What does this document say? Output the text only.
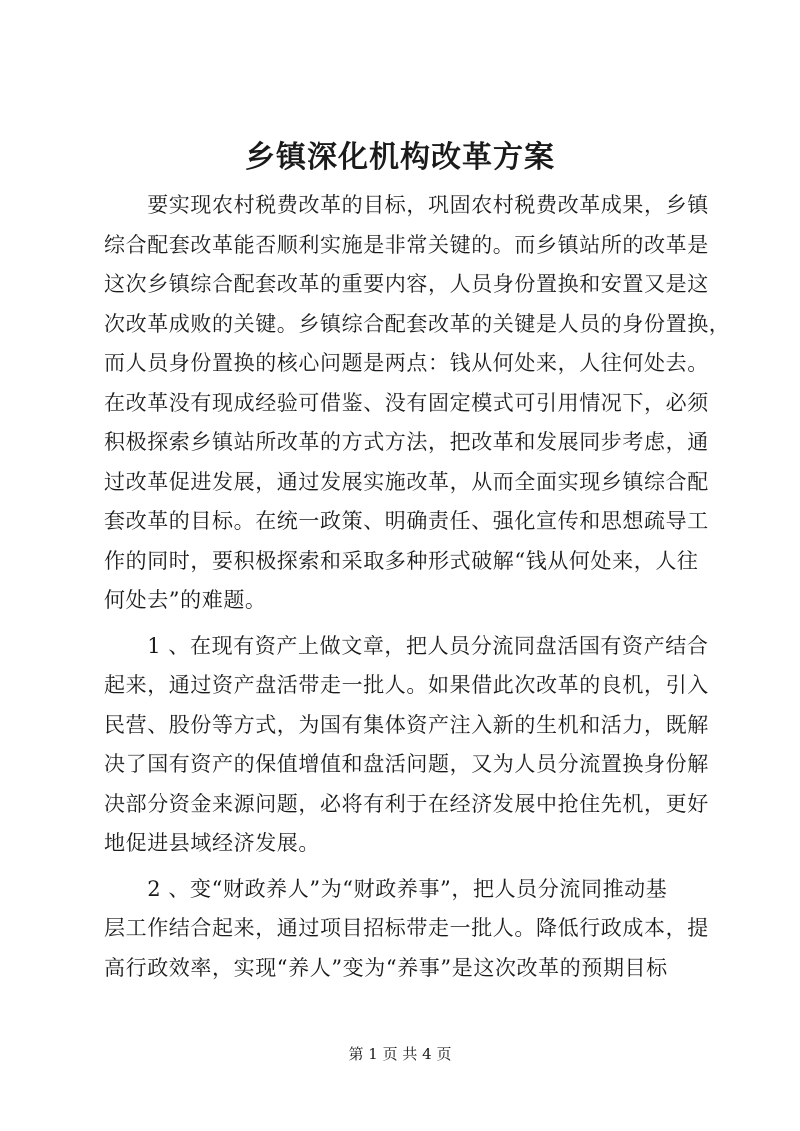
乡镇深化机构改革方案
　　要实现农村税费改革的目标，巩固农村税费改革成果，乡镇
综合配套改革能否顺利实施是非常关键的。而乡镇站所的改革是
这次乡镇综合配套改革的重要内容，人员身份置换和安置又是这
次改革成败的关键。乡镇综合配套改革的关键是人员的身份置换，
而人员身份置换的核心问题是两点：钱从何处来，人往何处去。
在改革没有现成经验可借鉴、没有固定模式可引用情况下，必须
积极探索乡镇站所改革的方式方法，把改革和发展同步考虑，通
过改革促进发展，通过发展实施改革，从而全面实现乡镇综合配
套改革的目标。在统一政策、明确责任、强化宣传和思想疏导工
作的同时，要积极探索和采取多种形式破解“钱从何处来，人往
何处去”的难题。
　　1 、在现有资产上做文章，把人员分流同盘活国有资产结合
起来，通过资产盘活带走一批人。如果借此次改革的良机，引入
民营、股份等方式，为国有集体资产注入新的生机和活力，既解
决了国有资产的保值增值和盘活问题，又为人员分流置换身份解
决部分资金来源问题，必将有利于在经济发展中抢住先机，更好
地促进县域经济发展。
　　2 、变“财政养人”为“财政养事”，把人员分流同推动基
层工作结合起来，通过项目招标带走一批人。降低行政成本，提
高行政效率，实现“养人”变为“养事”是这次改革的预期目标
第 1 页 共 4 页
